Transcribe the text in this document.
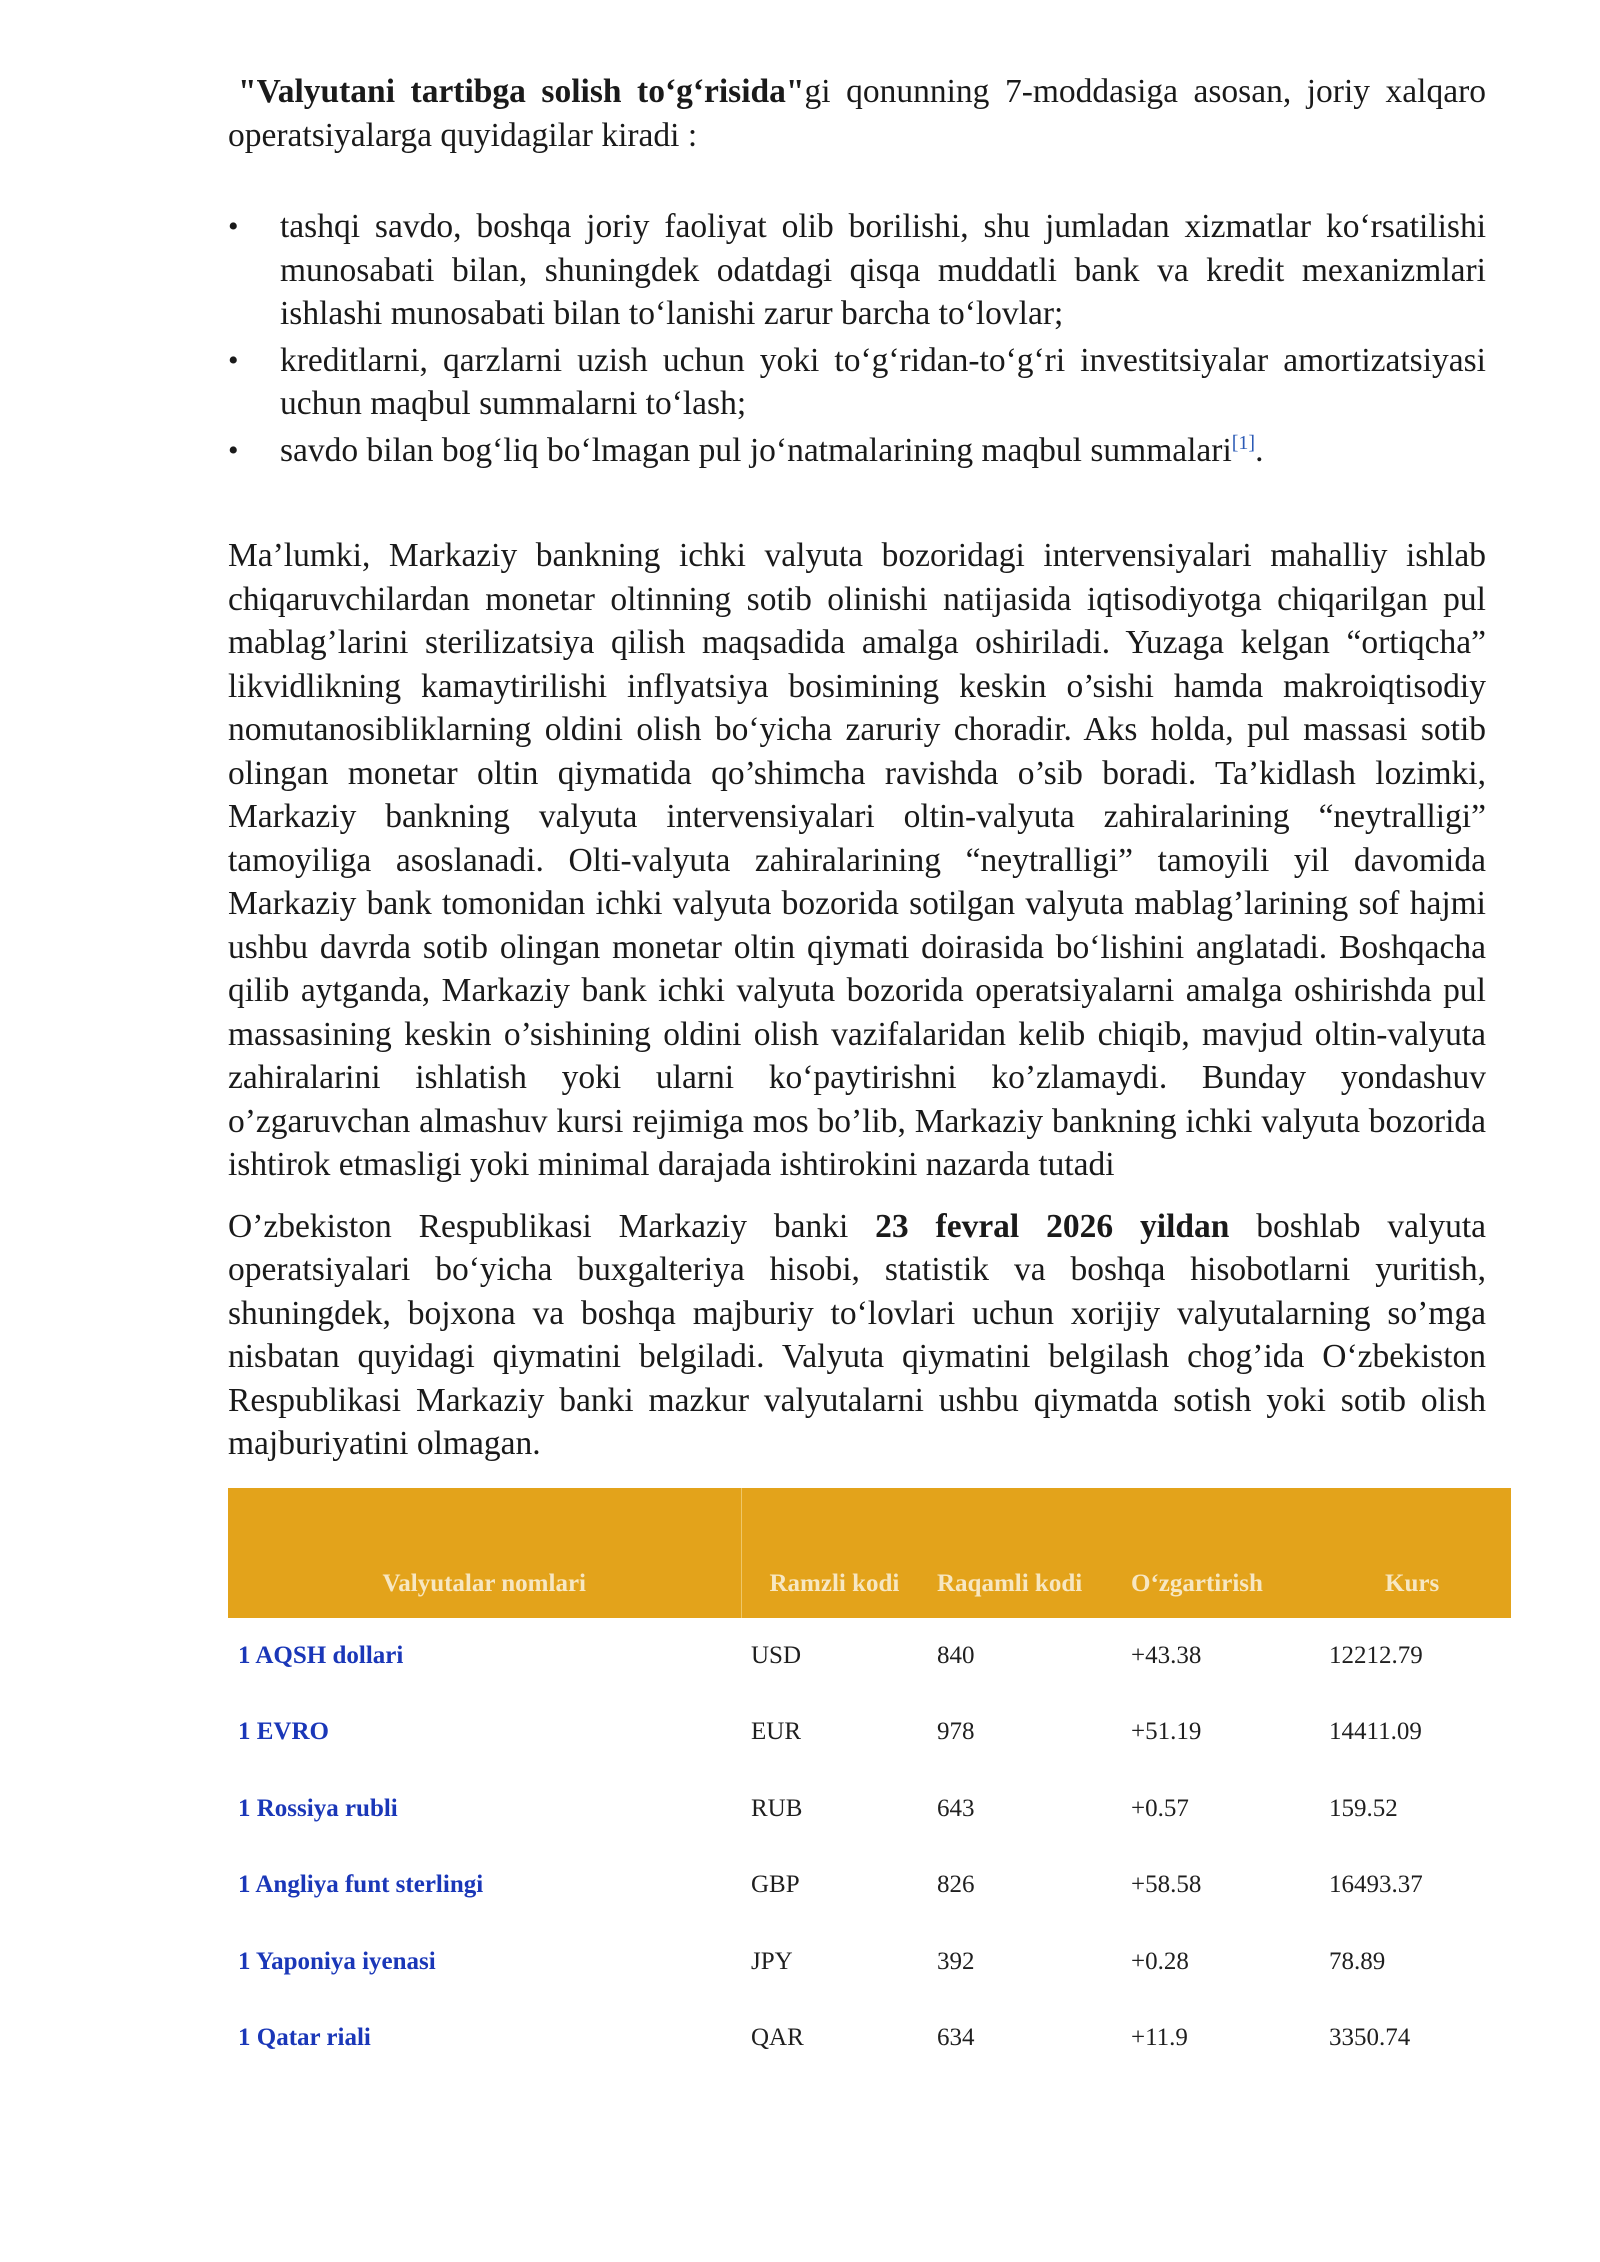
"Valyutani tartibga solish to‘g‘risida"gi qonunning 7-moddasiga asosan, joriy xalqaro operatsiyalarga quyidagilar kiradi :

• tashqi savdo, boshqa joriy faoliyat olib borilishi, shu jumladan xizmatlar ko‘rsatilishi munosabati bilan, shuningdek odatdagi qisqa muddatli bank va kredit mexanizmlari ishlashi munosabati bilan to‘lanishi zarur barcha to‘lovlar;
• kreditlarni, qarzlarni uzish uchun yoki to‘g‘ridan-to‘g‘ri investitsiyalar amortizatsiyasi uchun maqbul summalarni to‘lash;
• savdo bilan bog‘liq bo‘lmagan pul jo‘natmalarining maqbul summalari[1].

Ma’lumki, Markaziy bankning ichki valyuta bozoridagi intervensiyalari mahalliy ishlab chiqaruvchilardan monetar oltinning sotib olinishi natijasida iqtisodiyotga chiqarilgan pul mablag’larini sterilizatsiya qilish maqsadida amalga oshiriladi. Yuzaga kelgan “ortiqcha” likvidlikning kamaytirilishi inflyatsiya bosimining keskin o’sishi hamda makroiqtisodiy nomutanosibliklarning oldini olish bo‘yicha zaruriy choradir. Aks holda, pul massasi sotib olingan monetar oltin qiymatida qo’shimcha ravishda o’sib boradi. Ta’kidlash lozimki, Markaziy bankning valyuta intervensiyalari oltin-valyuta zahiralarining “neytralligi” tamoyiliga asoslanadi. Olti-valyuta zahiralarining “neytralligi” tamoyili yil davomida Markaziy bank tomonidan ichki valyuta bozorida sotilgan valyuta mablag’larining sof hajmi ushbu davrda sotib olingan monetar oltin qiymati doirasida bo‘lishini anglatadi. Boshqacha qilib aytganda, Markaziy bank ichki valyuta bozorida operatsiyalarni amalga oshirishda pul massasining keskin o’sishining oldini olish vazifalaridan kelib chiqib, mavjud oltin-valyuta zahiralarini ishlatish yoki ularni ko‘paytirishni ko’zlamaydi. Bunday yondashuv o’zgaruvchan almashuv kursi rejimiga mos bo’lib, Markaziy bankning ichki valyuta bozorida ishtirok etmasligi yoki minimal darajada ishtirokini nazarda tutadi

O’zbekiston Respublikasi Markaziy banki 23 fevral 2026 yildan boshlab valyuta operatsiyalari bo‘yicha buxgalteriya hisobi, statistik va boshqa hisobotlarni yuritish, shuningdek, bojxona va boshqa majburiy to‘lovlari uchun xorijiy valyutalarning so’mga nisbatan quyidagi qiymatini belgiladi. Valyuta qiymatini belgilash chog’ida O‘zbekiston Respublikasi Markaziy banki mazkur valyutalarni ushbu qiymatda sotish yoki sotib olish majburiyatini olmagan.

Valyutalar nomlari	Ramzli kodi	Raqamli kodi	O‘zgartirish	Kurs
1 AQSH dollari	USD	840	+43.38	12212.79
1 EVRO	EUR	978	+51.19	14411.09
1 Rossiya rubli	RUB	643	+0.57	159.52
1 Angliya funt sterlingi	GBP	826	+58.58	16493.37
1 Yaponiya iyenasi	JPY	392	+0.28	78.89
1 Qatar riali	QAR	634	+11.9	3350.74
